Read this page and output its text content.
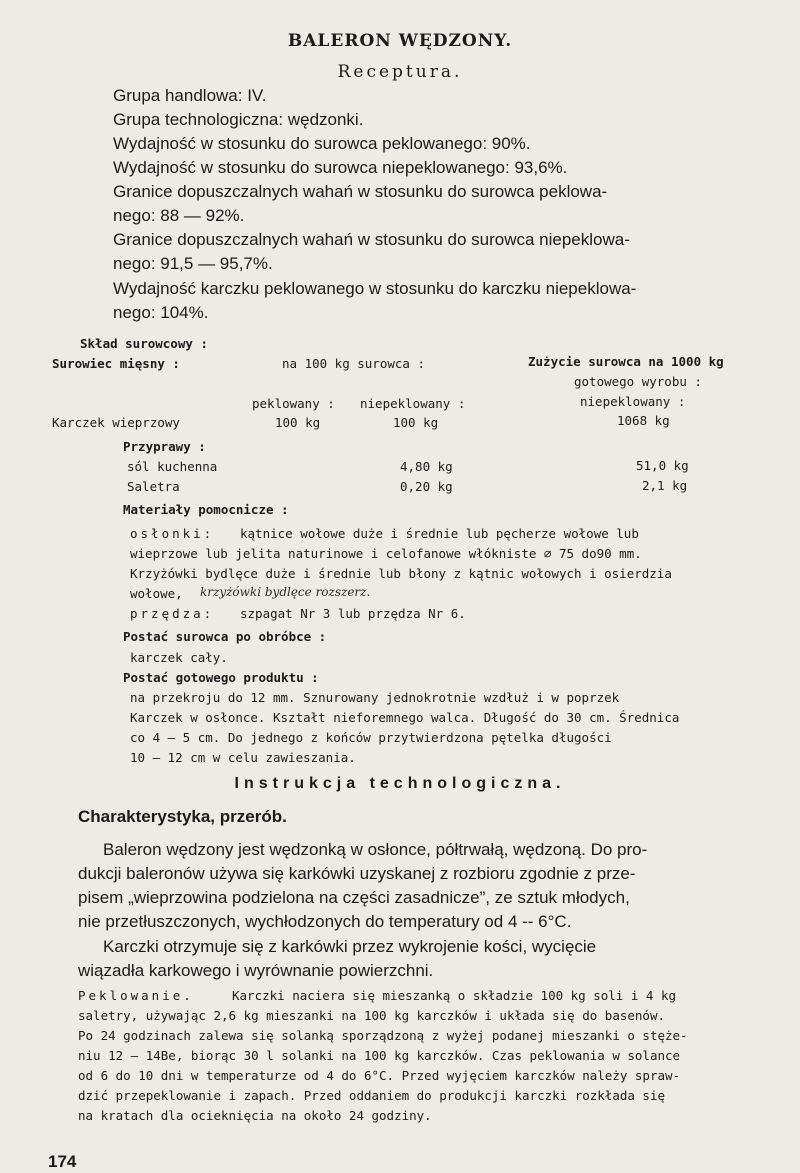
BALERON WĘDZONY.
Receptura.
Grupa handlowa: IV.
Grupa technologiczna: wędzonki.
Wydajność w stosunku do surowca peklowanego: 90%.
Wydajność w stosunku do surowca niepeklowanego: 93,6%.
Granice dopuszczalnych wahań w stosunku do surowca peklowa-
nego: 88 — 92%.
Granice dopuszczalnych wahań w stosunku do surowca niepeklowa-
nego: 91,5 — 95,7%.
Wydajność karczku peklowanego w stosunku do karczku niepeklowa-
nego: 104%.
Skład surowcowy :
Surowiec mięsny :	na 100 kg surowca :	Zużycie surowca na 1000 kg
gotowego wyrobu :
peklowany : niepeklowany :	niepeklowany :
Karczek wieprzowy	100 kg	100 kg	1068 kg
Przyprawy :
sól kuchenna	4,80 kg	51,0 kg
Saletra	0,20 kg	2,1 kg
Materiały pomocnicze :
osłonki: kątnice wołowe duże i średnie lub pęcherze wołowe lub
wieprzowe lub jelita naturinowe i celofanowe włókniste ⌀ 75 do90 mm.
Krzyżówki bydlęce duże i średnie lub błony z kątnic wołowych i osierdzia
wołowe, krzyżówki bydlęce rozszerz.
przędza: szpagat Nr 3 lub przędza Nr 6.
Postać surowca po obróbce :
karczek cały.
Postać gotowego produktu :
na przekroju do 12 mm. Sznurowany jednokrotnie wzdłuż i w poprzek
Karczek w osłonce. Kształt nieforemnego walca. Długość do 30 cm. Średnica
co 4 — 5 cm. Do jednego z końców przytwierdzona pętelka długości
10 — 12 cm w celu zawieszania.
Instrukcja technologiczna.
Charakterystyka, przerób.
Baleron wędzony jest wędzonką w osłonce, półtrwałą, wędzoną. Do pro-
dukcji baleronów używa się karkówki uzyskanej z rozbioru zgodnie z prze-
pisem „wieprzowina podzielona na części zasadnicze”, ze sztuk młodych,
nie przetłuszczonych, wychłodzonych do temperatury od 4 -- 6°C.
Karczki otrzymuje się z karkówki przez wykrojenie kości, wycięcie
wiązadła karkowego i wyrównanie powierzchni.
Peklowanie.	Karczki naciera się mieszanką o składzie 100 kg soli i 4 kg
saletry, używając 2,6 kg mieszanki na 100 kg karczków i układa się do basenów.
Po 24 godzinach zalewa się solanką sporządzoną z wyżej podanej mieszanki o stęże-
niu 12 — 14Be, biorąc 30 l solanki na 100 kg karczków. Czas peklowania w solance
od 6 do 10 dni w temperaturze od 4 do 6°C. Przed wyjęciem karczków należy spraw-
dzić przepeklowanie i zapach. Przed oddaniem do produkcji karczki rozkłada się
na kratach dla ocieknięcia na około 24 godziny.
174
